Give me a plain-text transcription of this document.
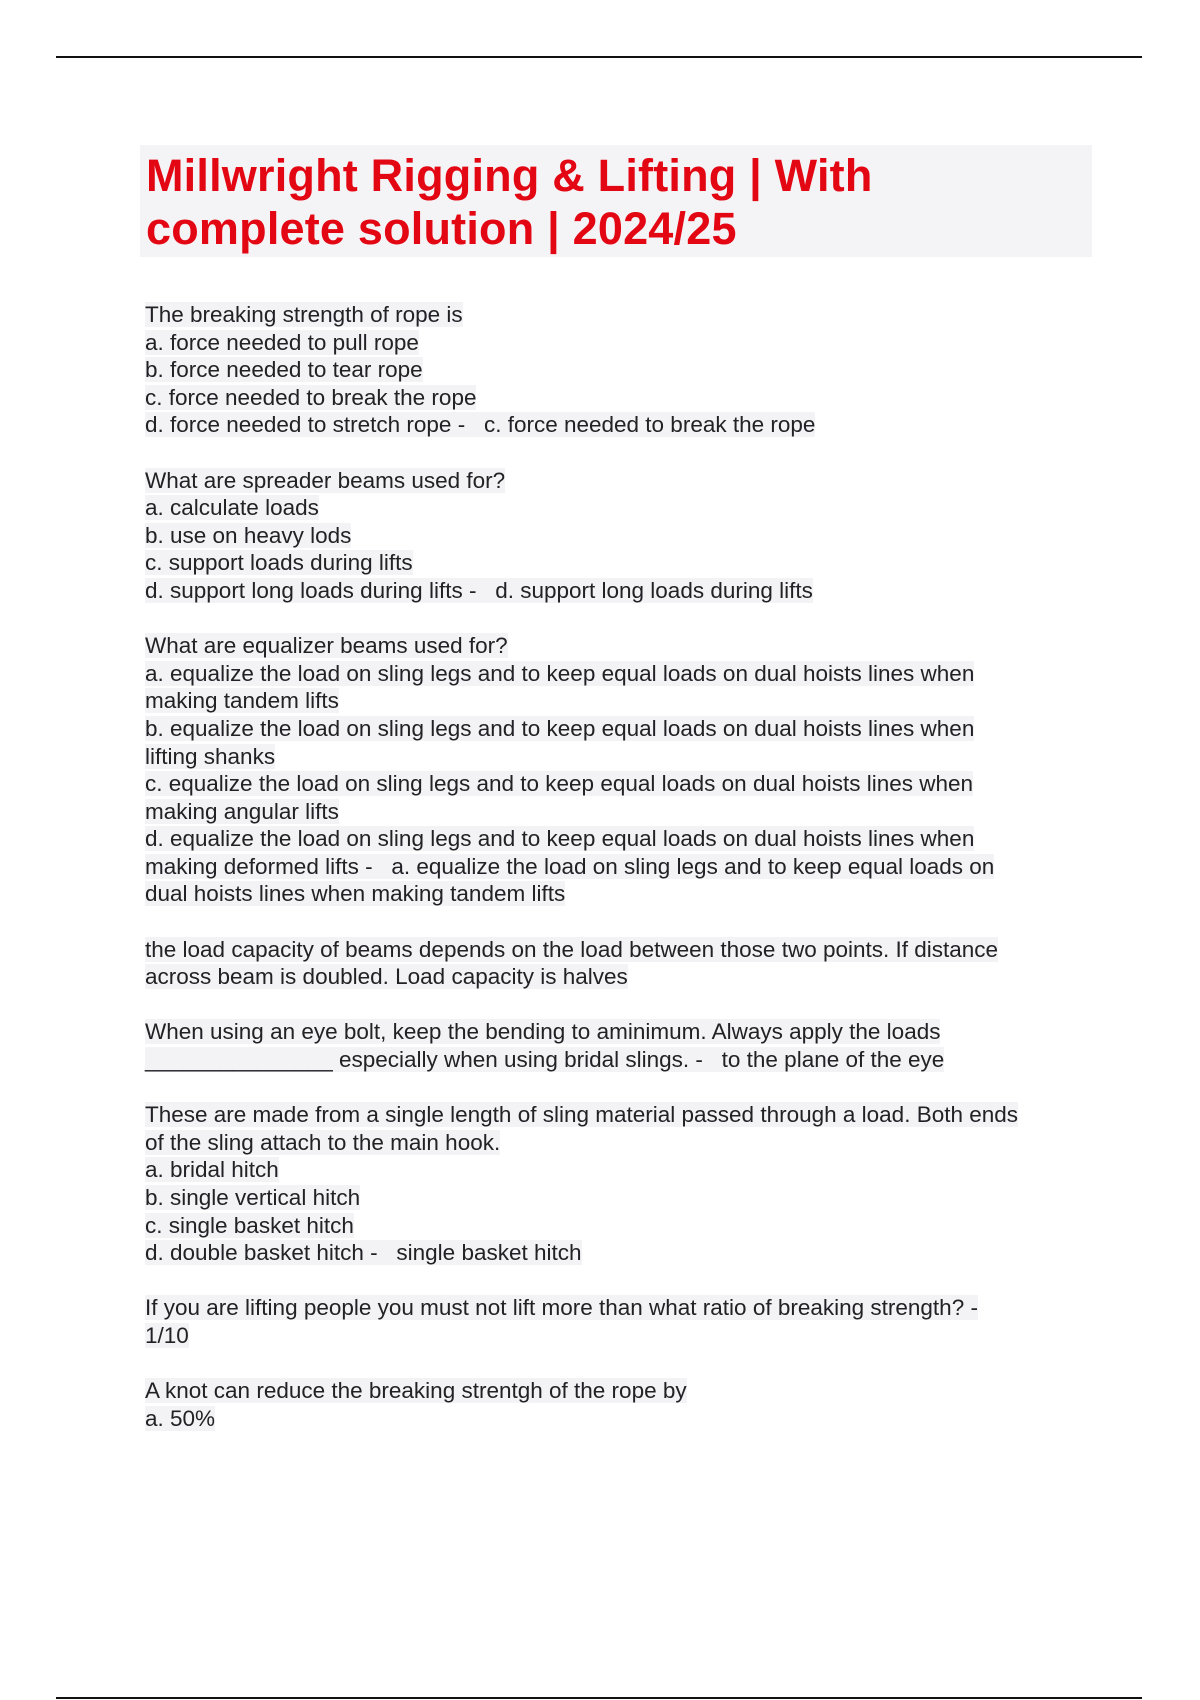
Millwright Rigging & Lifting | With
complete solution | 2024/25
The breaking strength of rope is
a. force needed to pull rope
b. force needed to tear rope
c. force needed to break the rope
d. force needed to stretch rope -   c. force needed to break the rope
What are spreader beams used for?
a. calculate loads
b. use on heavy lods
c. support loads during lifts
d. support long loads during lifts -   d. support long loads during lifts
What are equalizer beams used for?
a. equalize the load on sling legs and to keep equal loads on dual hoists lines when
making tandem lifts
b. equalize the load on sling legs and to keep equal loads on dual hoists lines when
lifting shanks
c. equalize the load on sling legs and to keep equal loads on dual hoists lines when
making angular lifts
d. equalize the load on sling legs and to keep equal loads on dual hoists lines when
making deformed lifts -   a. equalize the load on sling legs and to keep equal loads on
dual hoists lines when making tandem lifts
the load capacity of beams depends on the load between those two points. If distance
across beam is doubled. Load capacity is halves
When using an eye bolt, keep the bending to aminimum. Always apply the loads
_______________ especially when using bridal slings. -   to the plane of the eye
These are made from a single length of sling material passed through a load. Both ends
of the sling attach to the main hook.
a. bridal hitch
b. single vertical hitch
c. single basket hitch
d. double basket hitch -   single basket hitch
If you are lifting people you must not lift more than what ratio of breaking strength? -
1/10
A knot can reduce the breaking strentgh of the rope by
a. 50%
